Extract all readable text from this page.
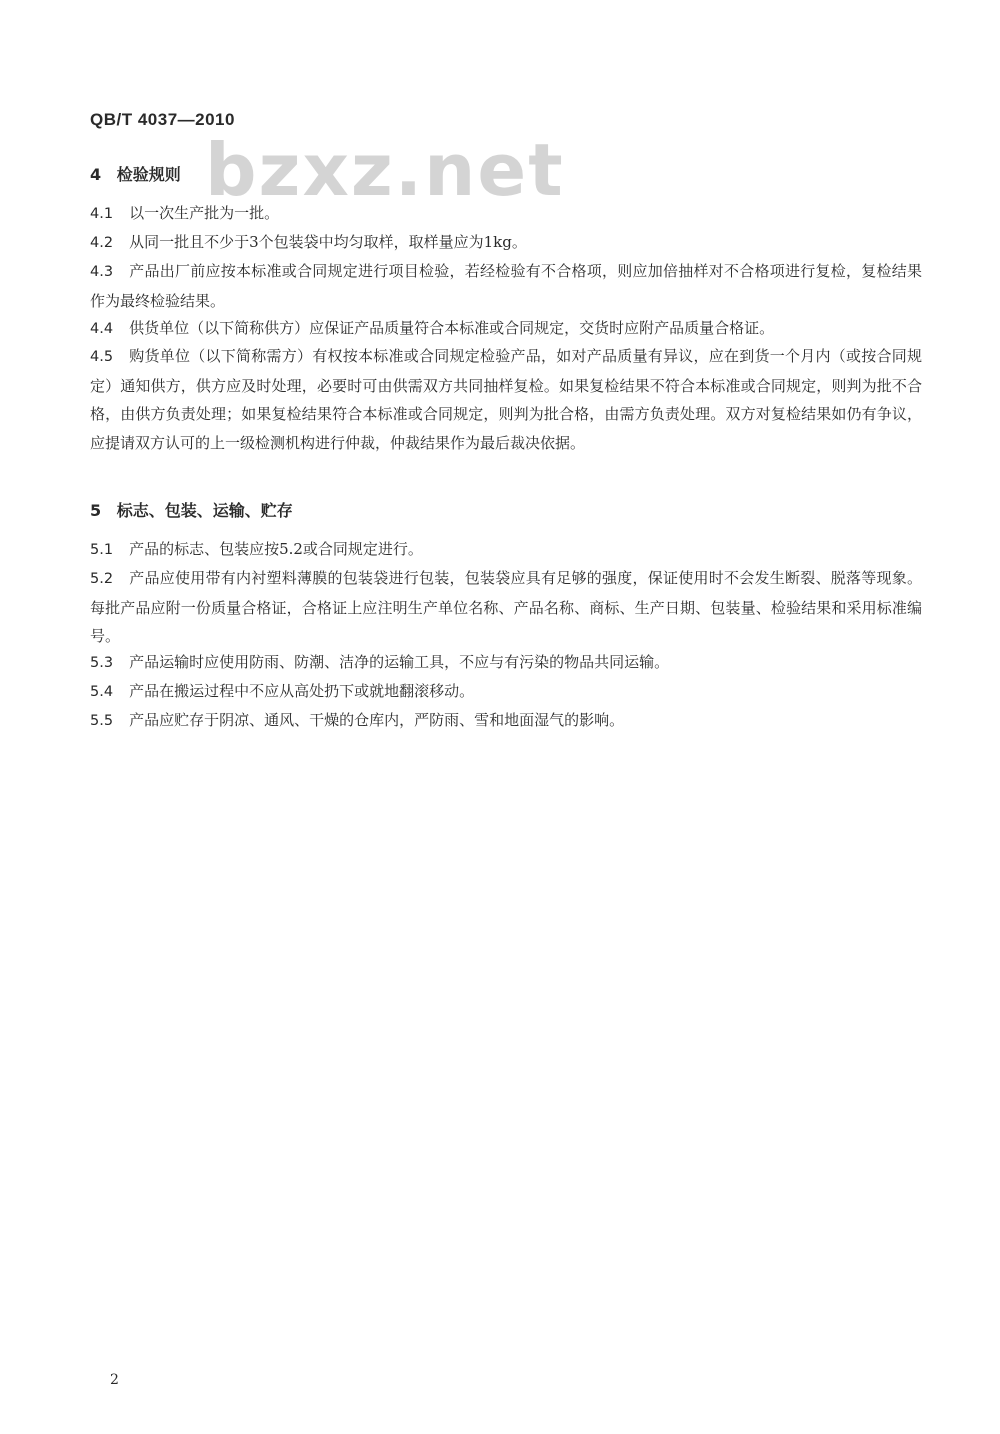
QB/T 4037—2010
bzxz.net
4 检验规则
4.1 以一次生产批为一批。
4.2 从同一批且不少于3个包装袋中均匀取样，取样量应为1kg。
4.3 产品出厂前应按本标准或合同规定进行项目检验，若经检验有不合格项，则应加倍抽样对不合格项进行复检，复检结果作为最终检验结果。
4.4 供货单位（以下简称供方）应保证产品质量符合本标准或合同规定，交货时应附产品质量合格证。
4.5 购货单位（以下简称需方）有权按本标准或合同规定检验产品，如对产品质量有异议，应在到货一个月内（或按合同规定）通知供方，供方应及时处理，必要时可由供需双方共同抽样复检。如果复检结果不符合本标准或合同规定，则判为批不合格，由供方负责处理；如果复检结果符合本标准或合同规定，则判为批合格，由需方负责处理。双方对复检结果如仍有争议，应提请双方认可的上一级检测机构进行仲裁，仲裁结果作为最后裁决依据。
5 标志、包装、运输、贮存
5.1 产品的标志、包装应按5.2或合同规定进行。
5.2 产品应使用带有内衬塑料薄膜的包装袋进行包装，包装袋应具有足够的强度，保证使用时不会发生断裂、脱落等现象。每批产品应附一份质量合格证，合格证上应注明生产单位名称、产品名称、商标、生产日期、包装量、检验结果和采用标准编号。
5.3 产品运输时应使用防雨、防潮、洁净的运输工具，不应与有污染的物品共同运输。
5.4 产品在搬运过程中不应从高处扔下或就地翻滚移动。
5.5 产品应贮存于阴凉、通风、干燥的仓库内，严防雨、雪和地面湿气的影响。
2
